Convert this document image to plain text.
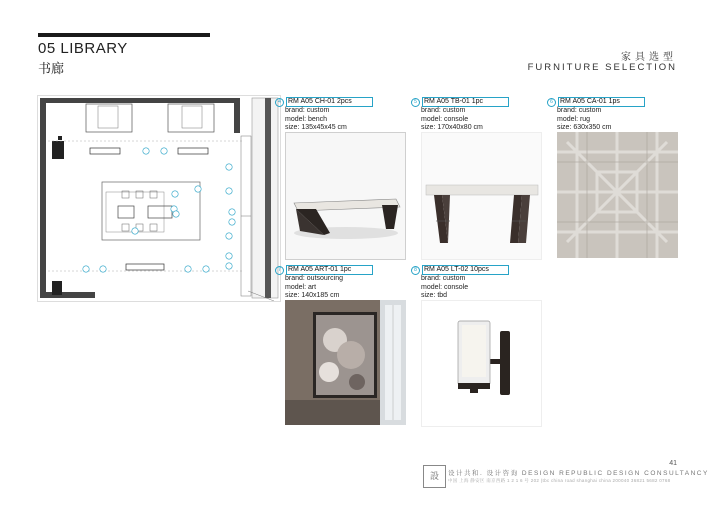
05 LIBRARY
书廊
家具选型
FURNITURE SELECTION
4	RM A05 CH-01 2pcs
brand: custom
model: bench
size: 135x45x45 cm
5	RM A05 TB-01 1pc
brand: custom
model: console
size: 170x40x80 cm
6	RM A05 CA-01 1ps
brand: custom
model: rug
size: 630x350 cm
7	RM A05 ART-01 1pc
brand: outsourcing
model: art
size: 140x185 cm
8	RM A05 LT-02 10pcs
brand: custom
model: console
size: tbd
41
設	设计共和. 设计咨询 DESIGN REPUBLIC DESIGN CONSULTANCY
中国 上海 静安区 南京西路 1 2 1 6 号 202 (tbc china road shanghai china 200040 36821 5682 0768
